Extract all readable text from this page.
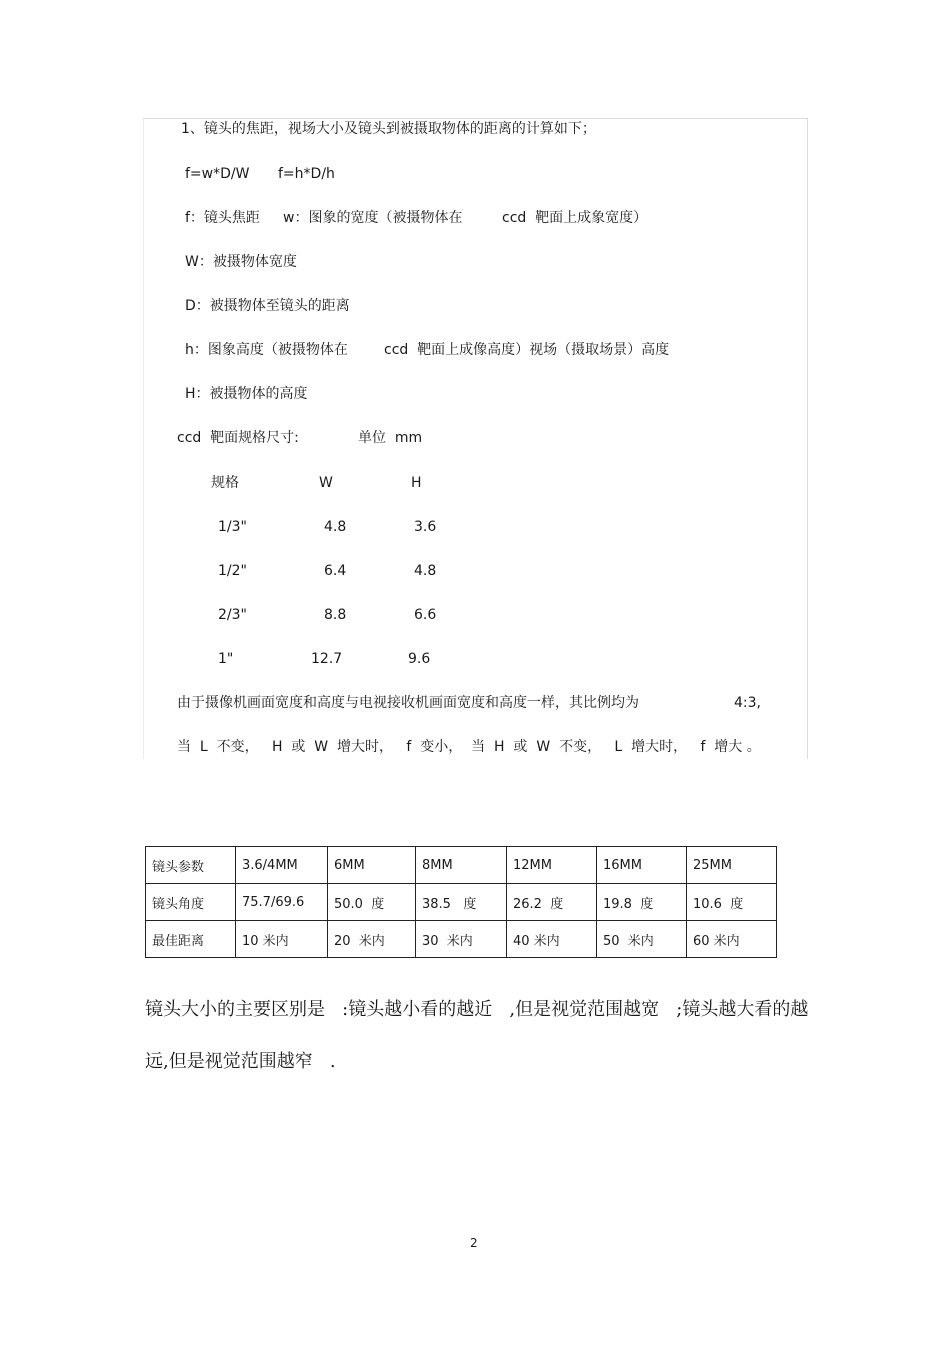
1、镜头的焦距，视场大小及镜头到被摄取物体的距离的计算如下；
f=w*D/W f=h*D/h
f：镜头焦距 w：图象的宽度（被摄物体在	ccd  靶面上成象宽度）
W：被摄物体宽度
D：被摄物体至镜头的距离
h：图象高度（被摄物体在	ccd  靶面上成像高度）视场（摄取场景）高度
H：被摄物体的高度
ccd  靶面规格尺寸:	单位  mm
规格	W	H
1/3"	4.8	3.6
1/2"	6.4	4.8
2/3"	8.8	6.6
1"	12.7	9.6
由于摄像机画面宽度和高度与电视接收机画面宽度和高度一样，其比例均为	4:3,
当  L  不变，   H  或  W  增大时，   f  变小，  当  H  或  W  不变，   L  增大时，   f  增大 。
镜头参数	3.6/4MM	6MM	8MM	12MM	16MM	25MM
镜头角度	75.7/69.6	50.0  度	38.5   度	26.2  度	19.8  度	10.6  度
最佳距离	10 米内	20  米内	30  米内	40 米内	50  米内	60 米内
镜头大小的主要区别是   :镜头越小看的越近   ,但是视觉范围越宽   ;镜头越大看的越
远,但是视觉范围越窄   .
2
